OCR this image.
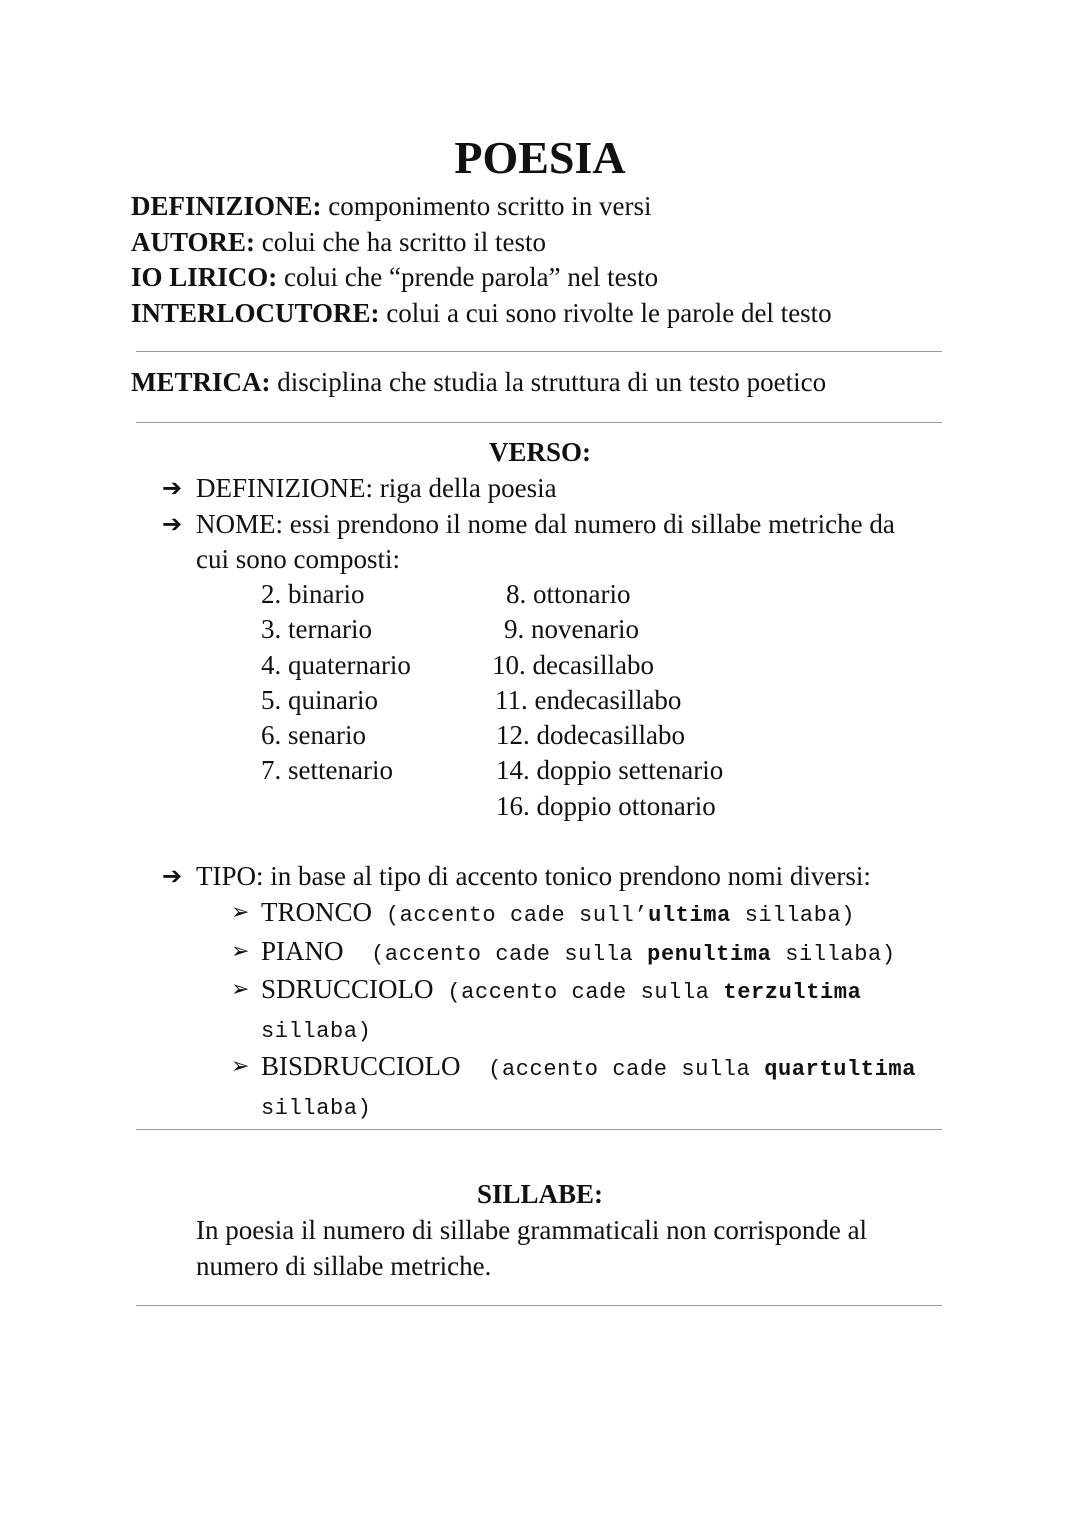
POESIA
DEFINIZIONE: componimento scritto in versi
AUTORE: colui che ha scritto il testo
IO LIRICO: colui che “prende parola” nel testo
INTERLOCUTORE: colui a cui sono rivolte le parole del testo
METRICA: disciplina che studia la struttura di un testo poetico
VERSO:
➔ DEFINIZIONE: riga della poesia
➔ NOME: essi prendono il nome dal numero di sillabe metriche da
cui sono composti:
2. binario
3. ternario
4. quaternario
5. quinario
6. senario
7. settenario
8. ottonario
9. novenario
10. decasillabo
11. endecasillabo
12. dodecasillabo
14. doppio settenario
16. doppio ottonario
➔ TIPO: in base al tipo di accento tonico prendono nomi diversi:
➢ TRONCO (accento cade sull’ultima sillaba)
➢ PIANO  (accento cade sulla penultima sillaba)
➢ SDRUCCIOLO (accento cade sulla terzultima
sillaba)
➢ BISDRUCCIOLO  (accento cade sulla quartultima
sillaba)
SILLABE:
In poesia il numero di sillabe grammaticali non corrisponde al
numero di sillabe metriche.
